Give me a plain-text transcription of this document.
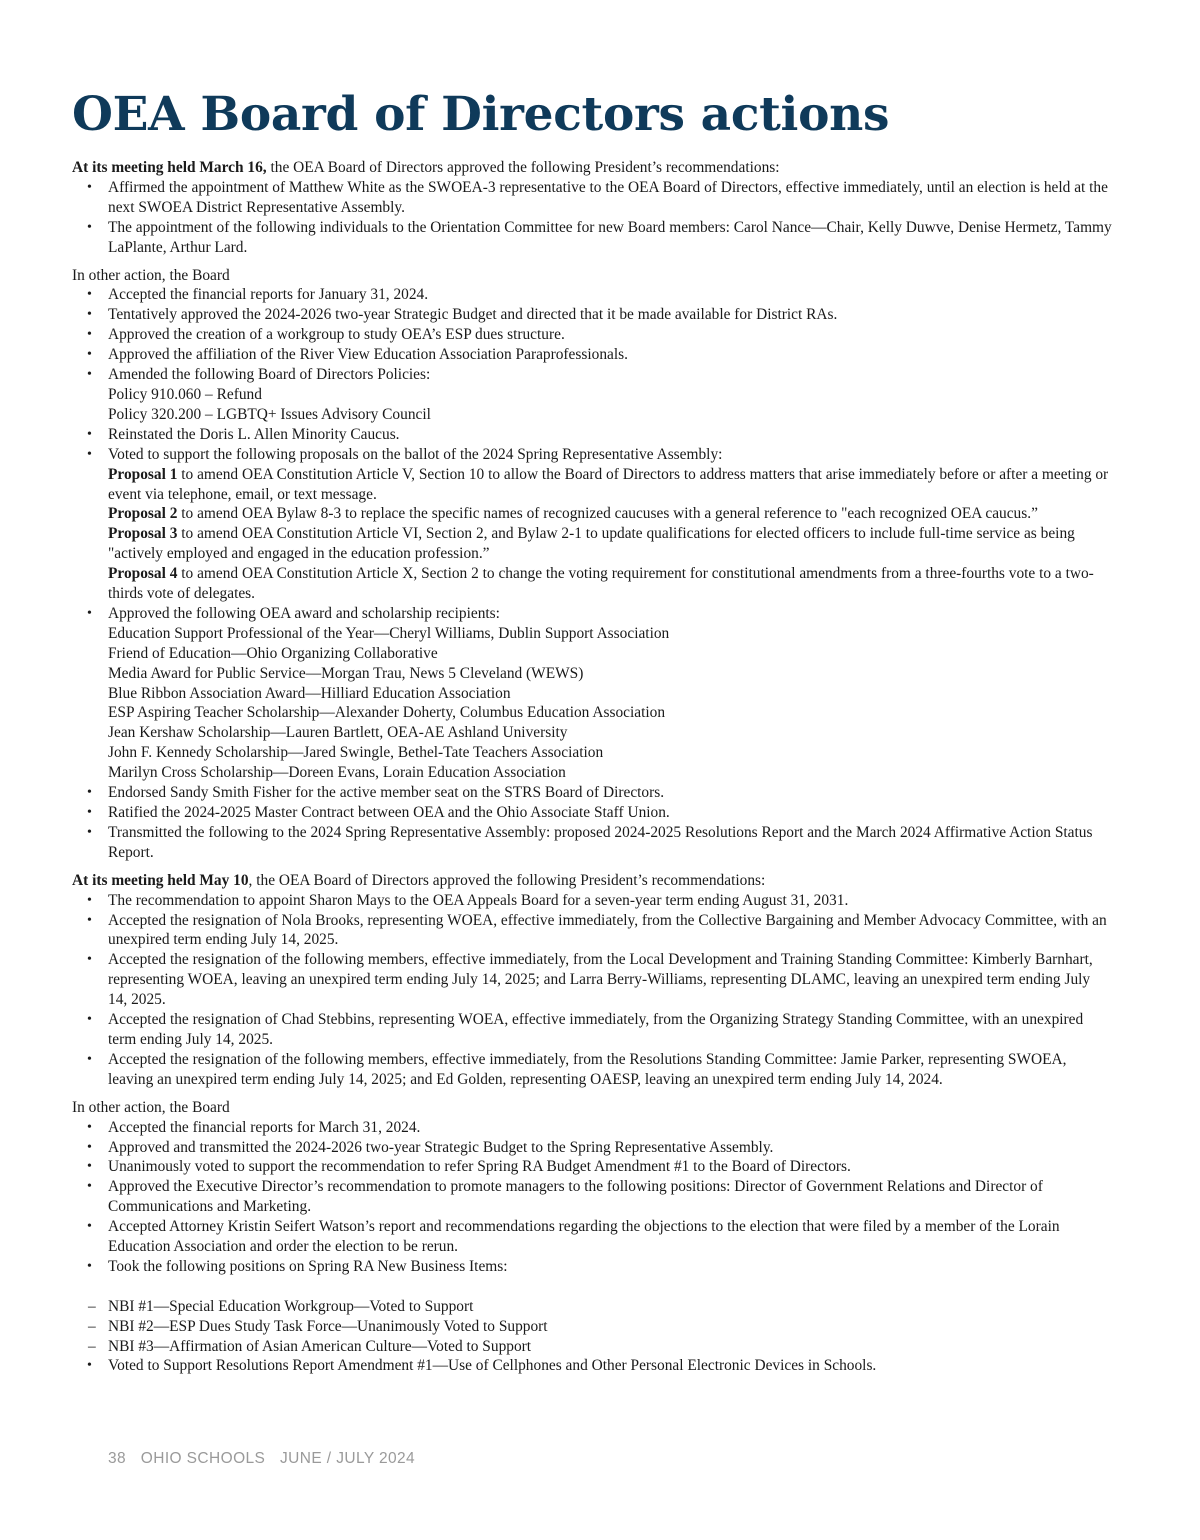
OEA Board of Directors actions

At its meeting held March 16, the OEA Board of Directors approved the following President’s recommendations:

• Affirmed the appointment of Matthew White as the SWOEA-3 representative to the OEA Board of Directors, effective immediately, until an election is held at the next SWOEA District Representative Assembly.
• The appointment of the following individuals to the Orientation Committee for new Board members: Carol Nance—Chair, Kelly Duwve, Denise Hermetz, Tammy LaPlante, Arthur Lard.

In other action, the Board

• Accepted the financial reports for January 31, 2024.
• Tentatively approved the 2024-2026 two-year Strategic Budget and directed that it be made available for District RAs.
• Approved the creation of a workgroup to study OEA’s ESP dues structure.
• Approved the affiliation of the River View Education Association Paraprofessionals.
• Amended the following Board of Directors Policies:
Policy 910.060 – Refund
Policy 320.200 – LGBTQ+ Issues Advisory Council
• Reinstated the Doris L. Allen Minority Caucus.
• Voted to support the following proposals on the ballot of the 2024 Spring Representative Assembly:
Proposal 1 to amend OEA Constitution Article V, Section 10 to allow the Board of Directors to address matters that arise immediately before or after a meeting or event via telephone, email, or text message.
Proposal 2 to amend OEA Bylaw 8-3 to replace the specific names of recognized caucuses with a general reference to "each recognized OEA caucus.”
Proposal 3 to amend OEA Constitution Article VI, Section 2, and Bylaw 2-1 to update qualifications for elected officers to include full-time service as being "actively employed and engaged in the education profession.”
Proposal 4 to amend OEA Constitution Article X, Section 2 to change the voting requirement for constitutional amendments from a three-fourths vote to a two-thirds vote of delegates.
• Approved the following OEA award and scholarship recipients:
Education Support Professional of the Year—Cheryl Williams, Dublin Support Association
Friend of Education—Ohio Organizing Collaborative
Media Award for Public Service—Morgan Trau, News 5 Cleveland (WEWS)
Blue Ribbon Association Award—Hilliard Education Association
ESP Aspiring Teacher Scholarship—Alexander Doherty, Columbus Education Association
Jean Kershaw Scholarship—Lauren Bartlett, OEA-AE Ashland University
John F. Kennedy Scholarship—Jared Swingle, Bethel-Tate Teachers Association
Marilyn Cross Scholarship—Doreen Evans, Lorain Education Association
• Endorsed Sandy Smith Fisher for the active member seat on the STRS Board of Directors.
• Ratified the 2024-2025 Master Contract between OEA and the Ohio Associate Staff Union.
• Transmitted the following to the 2024 Spring Representative Assembly: proposed 2024-2025 Resolutions Report and the March 2024 Affirmative Action Status Report.

At its meeting held May 10, the OEA Board of Directors approved the following President’s recommendations:

• The recommendation to appoint Sharon Mays to the OEA Appeals Board for a seven-year term ending August 31, 2031.
• Accepted the resignation of Nola Brooks, representing WOEA, effective immediately, from the Collective Bargaining and Member Advocacy Committee, with an unexpired term ending July 14, 2025.
• Accepted the resignation of the following members, effective immediately, from the Local Development and Training Standing Committee: Kimberly Barnhart, representing WOEA, leaving an unexpired term ending July 14, 2025; and Larra Berry-Williams, representing DLAMC, leaving an unexpired term ending July 14, 2025.
• Accepted the resignation of Chad Stebbins, representing WOEA, effective immediately, from the Organizing Strategy Standing Committee, with an unexpired term ending July 14, 2025.
• Accepted the resignation of the following members, effective immediately, from the Resolutions Standing Committee: Jamie Parker, representing SWOEA, leaving an unexpired term ending July 14, 2025; and Ed Golden, representing OAESP, leaving an unexpired term ending July 14, 2024.

In other action, the Board

• Accepted the financial reports for March 31, 2024.
• Approved and transmitted the 2024-2026 two-year Strategic Budget to the Spring Representative Assembly.
• Unanimously voted to support the recommendation to refer Spring RA Budget Amendment #1 to the Board of Directors.
• Approved the Executive Director’s recommendation to promote managers to the following positions: Director of Government Relations and Director of Communications and Marketing.
• Accepted Attorney Kristin Seifert Watson’s report and recommendations regarding the objections to the election that were filed by a member of the Lorain Education Association and order the election to be rerun.
• Took the following positions on Spring RA New Business Items:
– NBI #1—Special Education Workgroup—Voted to Support
– NBI #2—ESP Dues Study Task Force—Unanimously Voted to Support
– NBI #3—Affirmation of Asian American Culture—Voted to Support
• Voted to Support Resolutions Report Amendment #1—Use of Cellphones and Other Personal Electronic Devices in Schools.
38 OHIO SCHOOLS JUNE / JULY 2024
